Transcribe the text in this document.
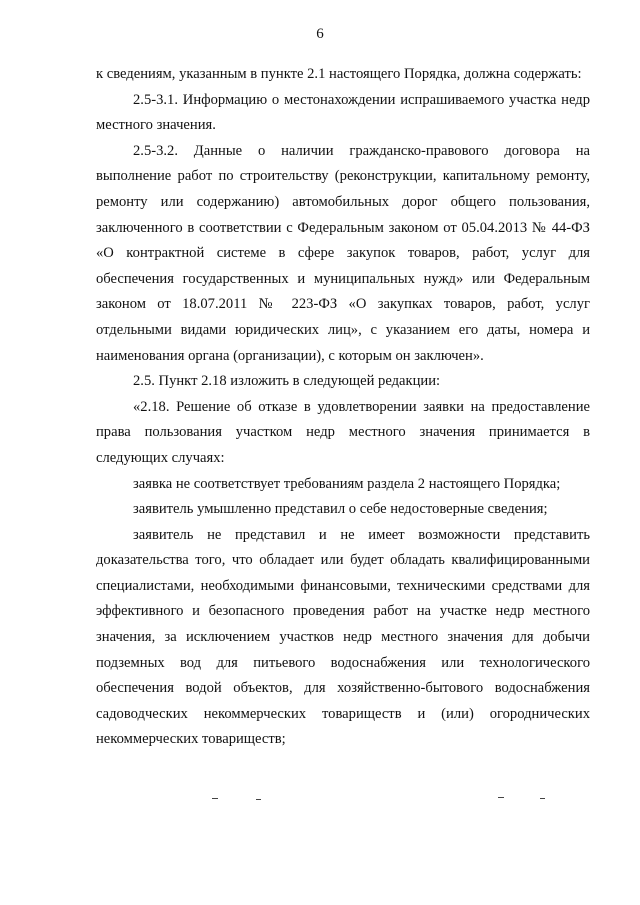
6

к сведениям, указанным в пункте 2.1 настоящего Порядка, должна содержать:

2.5-3.1. Информацию о местонахождении испрашиваемого участка недр местного значения.

2.5-3.2. Данные о наличии гражданско-правового договора на выполнение работ по строительству (реконструкции, капитальному ремонту, ремонту или содержанию) автомобильных дорог общего пользования, заключенного в соответствии с Федеральным законом от 05.04.2013 № 44-ФЗ «О контрактной системе в сфере закупок товаров, работ, услуг для обеспечения государственных и муниципальных нужд» или Федеральным законом от 18.07.2011 № 223-ФЗ «О закупках товаров, работ, услуг отдельными видами юридических лиц», с указанием его даты, номера и наименования органа (организации), с которым он заключен».

2.5. Пункт 2.18 изложить в следующей редакции:

«2.18. Решение об отказе в удовлетворении заявки на предоставление права пользования участком недр местного значения принимается в следующих случаях:

заявка не соответствует требованиям раздела 2 настоящего Порядка;

заявитель умышленно представил о себе недостоверные сведения;

заявитель не представил и не имеет возможности представить доказательства того, что обладает или будет обладать квалифицированными специалистами, необходимыми финансовыми, техническими средствами для эффективного и безопасного проведения работ на участке недр местного значения, за исключением участков недр местного значения для добычи подземных вод для питьевого водоснабжения или технологического обеспечения водой объектов, для хозяйственно-бытового водоснабжения садоводческих некоммерческих товариществ и (или) огороднических некоммерческих товариществ;
